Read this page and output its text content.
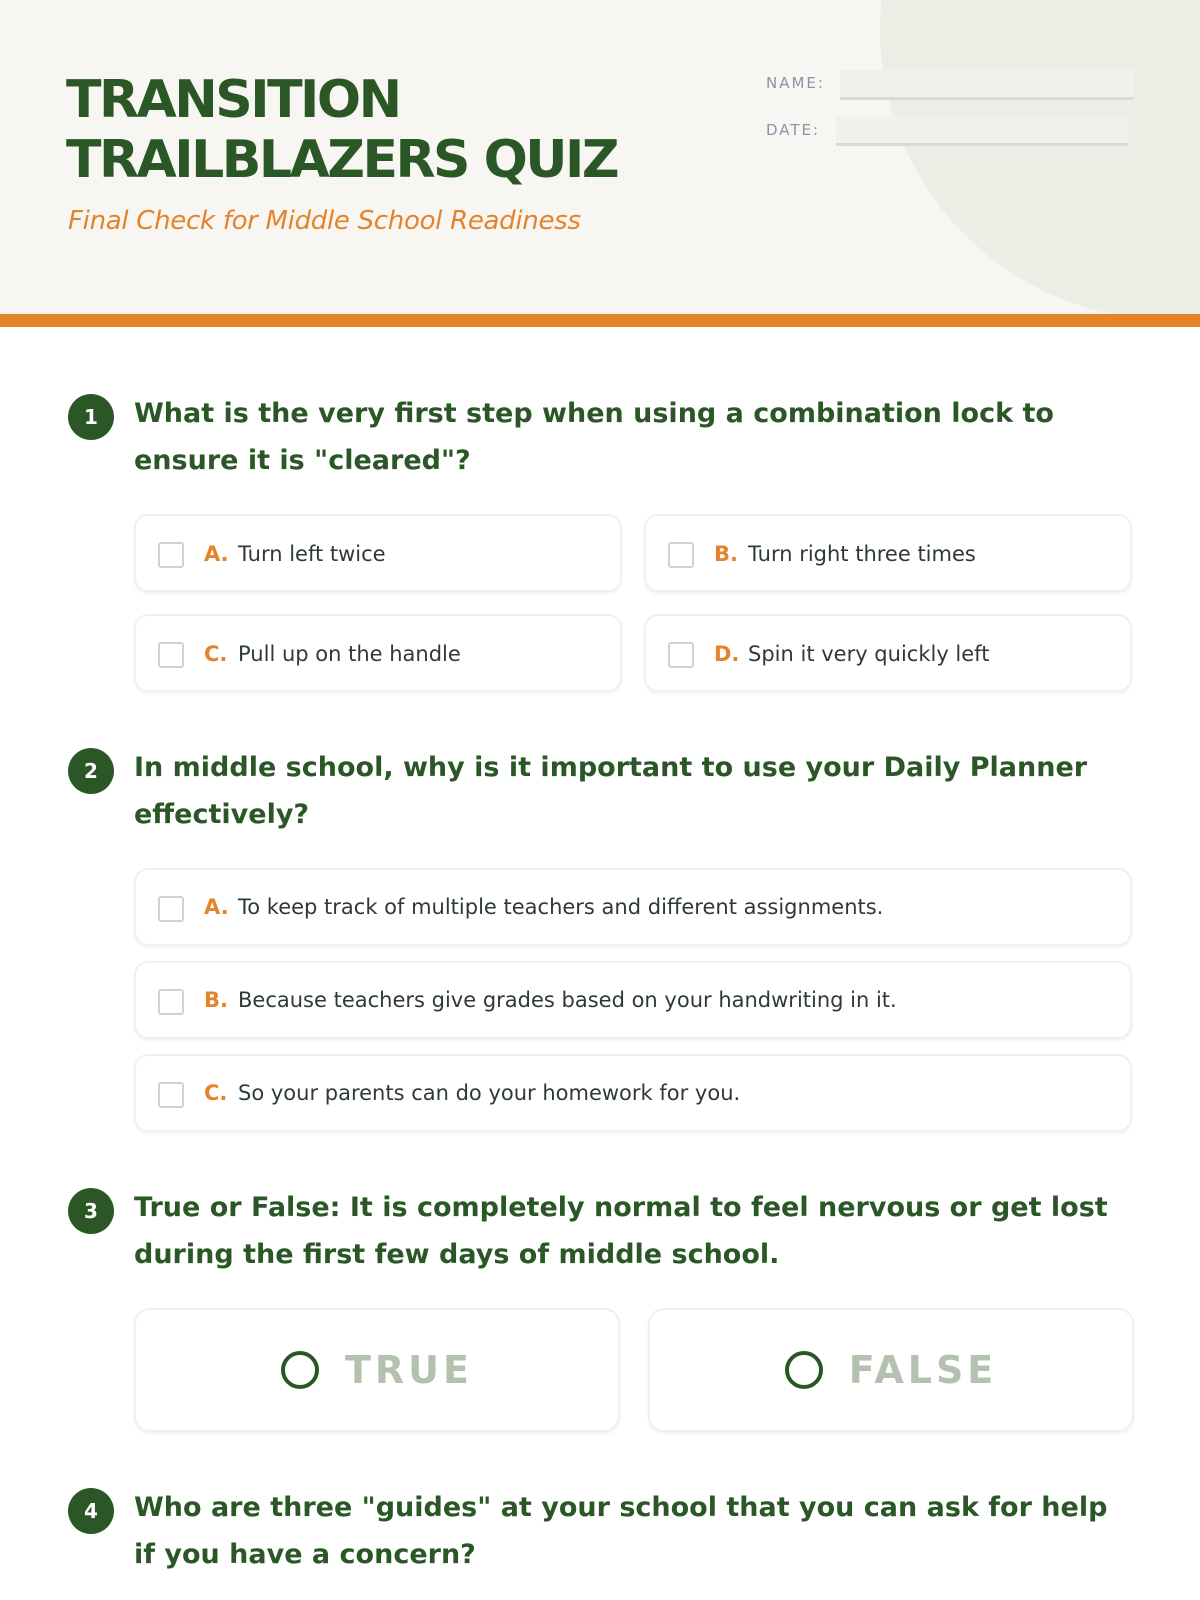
TRANSITION
TRAILBLAZERS QUIZ
Final Check for Middle School Readiness
NAME:
DATE:
1	What is the very first step when using a combination lock to ensure it is "cleared"?
A. Turn left twice	B. Turn right three times
C. Pull up on the handle	D. Spin it very quickly left
2	In middle school, why is it important to use your Daily Planner effectively?
A. To keep track of multiple teachers and different assignments.
B. Because teachers give grades based on your handwriting in it.
C. So your parents can do your homework for you.
3	True or False: It is completely normal to feel nervous or get lost during the first few days of middle school.
TRUE	FALSE
4	Who are three "guides" at your school that you can ask for help if you have a concern?
